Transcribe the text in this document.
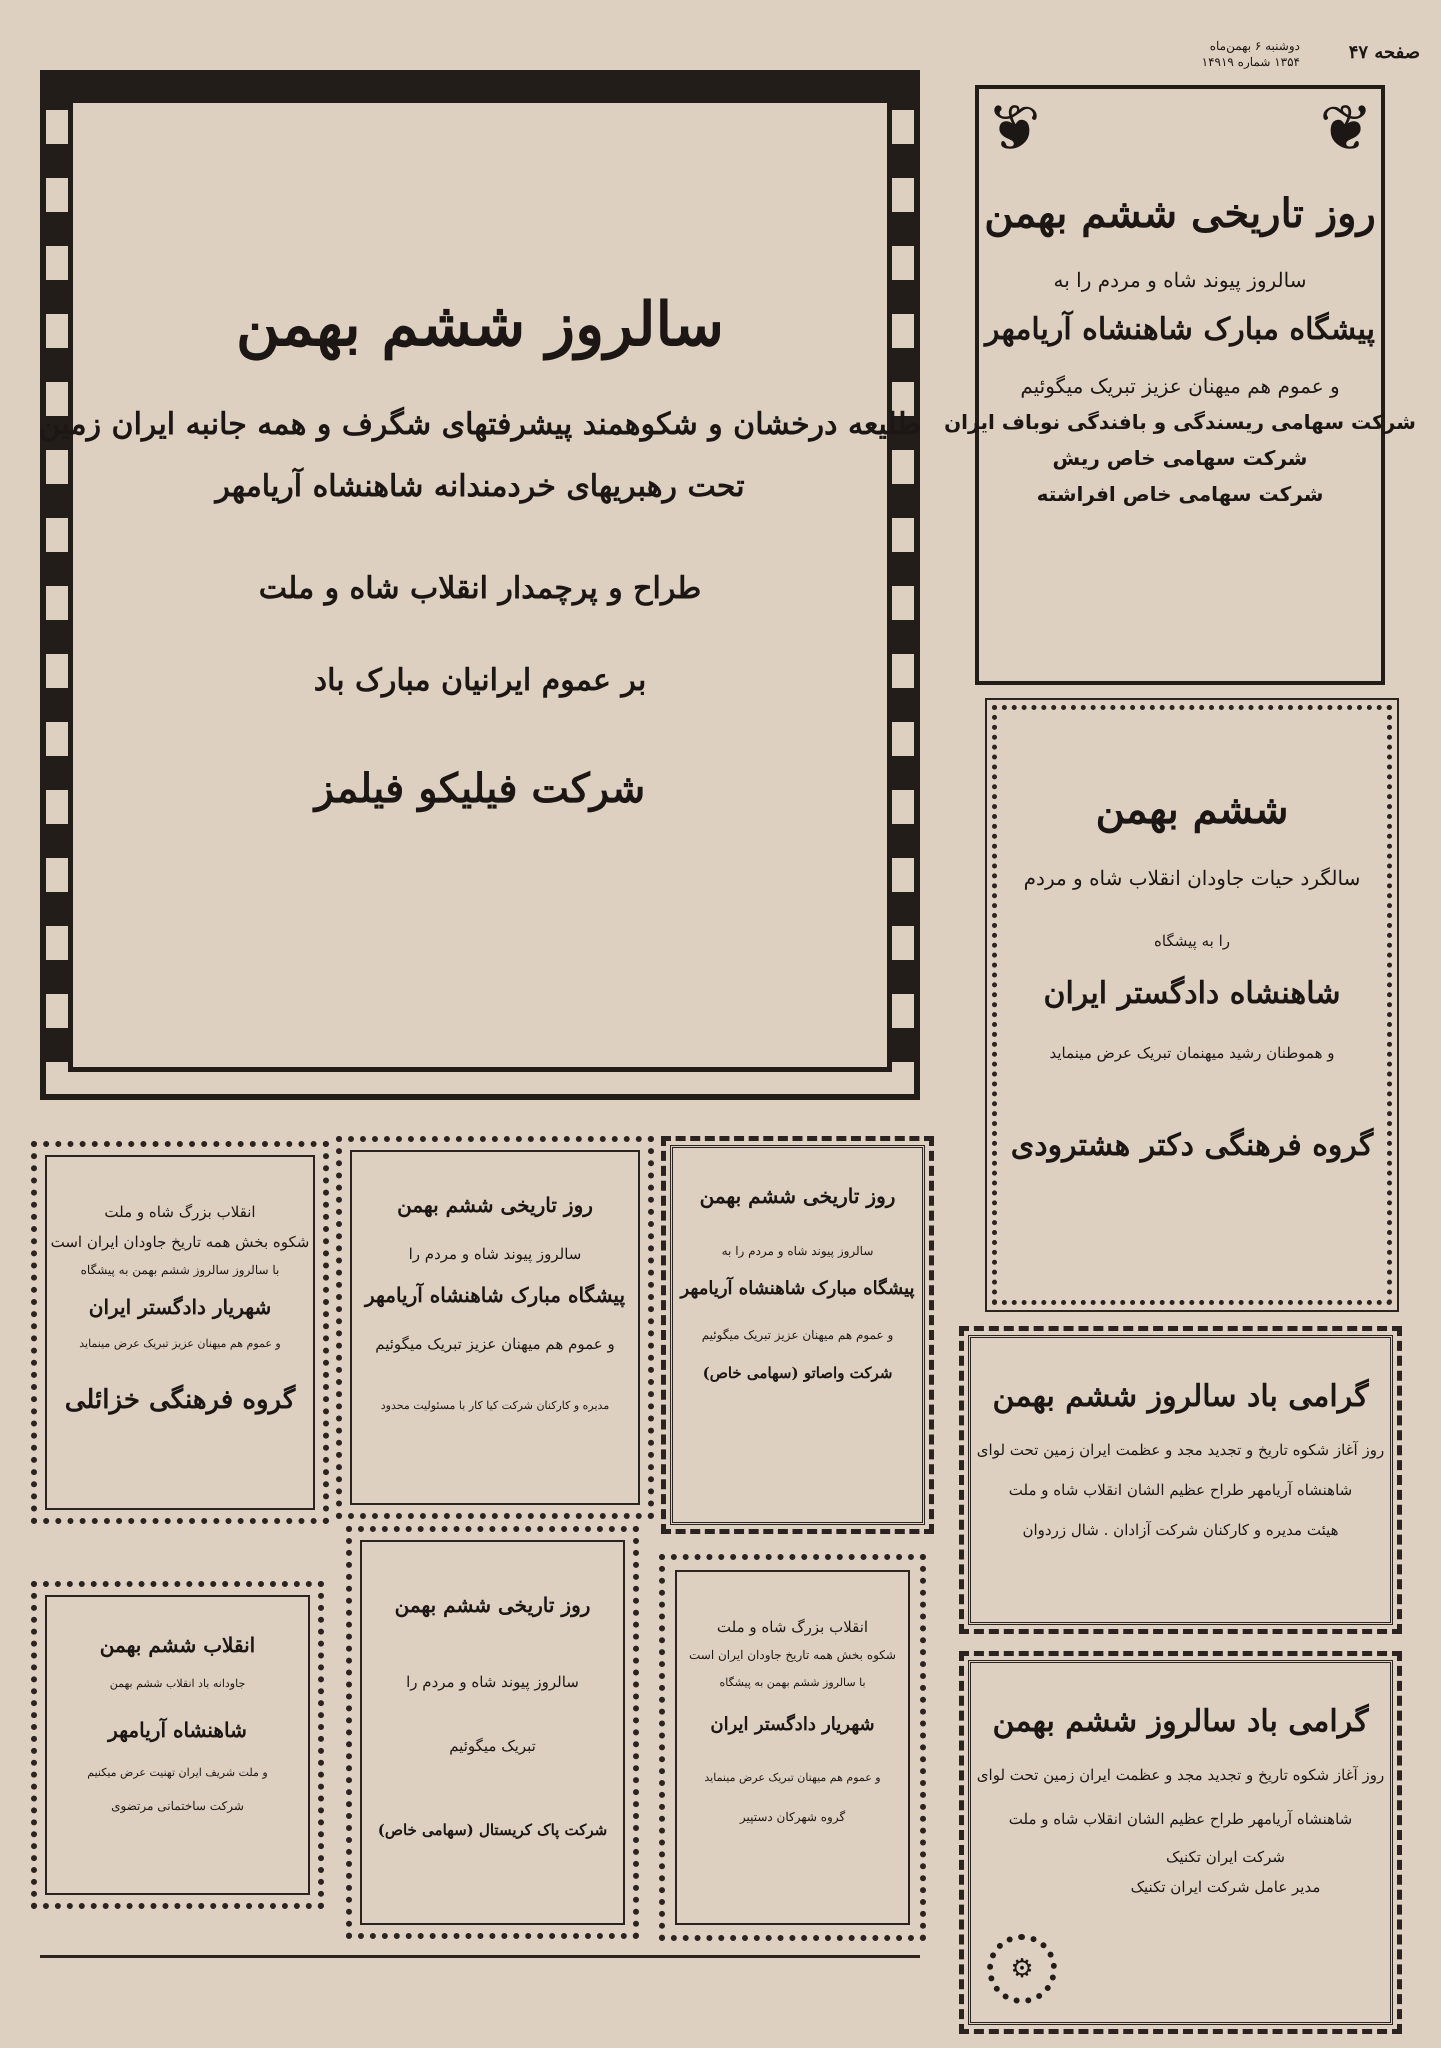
صفحه ۴۷
دوشنبه ۶ بهمن‌ماه
۱۳۵۴ شماره ۱۴۹۱۹
سالروز ششم بهمن
طلیعه درخشان و شکوهمند پیشرفتهای شگرف و همه جانبه ایران زمین
تحت رهبریهای خردمندانه شاهنشاه آریامهر
طراح و پرچمدار انقلاب شاه و ملت
بر عموم ایرانیان مبارک باد
شرکت فیلیکو فیلمز
❦
❦
روز تاریخی ششم بهمن
سالروز پیوند شاه و مردم را به
پیشگاه مبارک شاهنشاه آریامهر
و عموم هم میهنان عزیز تبریک میگوئیم
شرکت سهامی ریسندگی و بافندگی نوباف ایران
شرکت سهامی خاص ریش
شرکت سهامی خاص افراشته
ششم بهمن
سالگرد حیات جاودان انقلاب شاه و مردم
را به پیشگاه
شاهنشاه دادگستر ایران
و هموطنان رشید میهنمان تبریک عرض مینماید
گروه فرهنگی دکتر هشترودی
گرامی باد سالروز ششم بهمن
روز آغاز شکوه تاریخ و تجدید مجد و عظمت ایران زمین تحت لوای
شاهنشاه آریامهر طراح عظیم الشان انقلاب شاه و ملت
هیئت مدیره و کارکنان شرکت آزادان . شال زردوان
گرامی باد سالروز ششم بهمن
روز آغاز شکوه تاریخ و تجدید مجد و عظمت ایران زمین تحت لوای
شاهنشاه آریامهر طراح عظیم الشان انقلاب شاه و ملت
شرکت ایران تکنیک
مدیر عامل شرکت ایران تکنیک
⚙
انقلاب بزرگ شاه و ملت
شکوه بخش همه تاریخ جاودان ایران است
با سالروز سالروز ششم بهمن به پیشگاه
شهریار دادگستر ایران
و عموم هم میهنان عزیز تبریک عرض مینماید
گروه فرهنگی خزائلی
روز تاریخی ششم بهمن
سالروز پیوند شاه و مردم را
پیشگاه مبارک شاهنشاه آریامهر
و عموم هم میهنان عزیز تبریک میگوئیم
مدیره و کارکنان شرکت کیا کار با مسئولیت محدود
روز تاریخی ششم بهمن
سالروز پیوند شاه و مردم را به
پیشگاه مبارک شاهنشاه آریامهر
و عموم هم میهنان عزیز تبریک میگوئیم
شرکت واصاتو (سهامی خاص)
انقلاب ششم بهمن
جاودانه باد انقلاب ششم بهمن
شاهنشاه آریامهر
و ملت شریف ایران تهنیت عرض میکنیم
شرکت ساختمانی مرتضوی
روز تاریخی ششم بهمن
سالروز پیوند شاه و مردم را
تبریک میگوئیم
شرکت پاک کریستال (سهامی خاص)
انقلاب بزرگ شاه و ملت
شکوه بخش همه تاریخ جاودان ایران است
با سالروز ششم بهمن به پیشگاه
شهریار دادگستر ایران
و عموم هم میهنان تبریک عرض مینماید
گروه شهرکان دستپیر
